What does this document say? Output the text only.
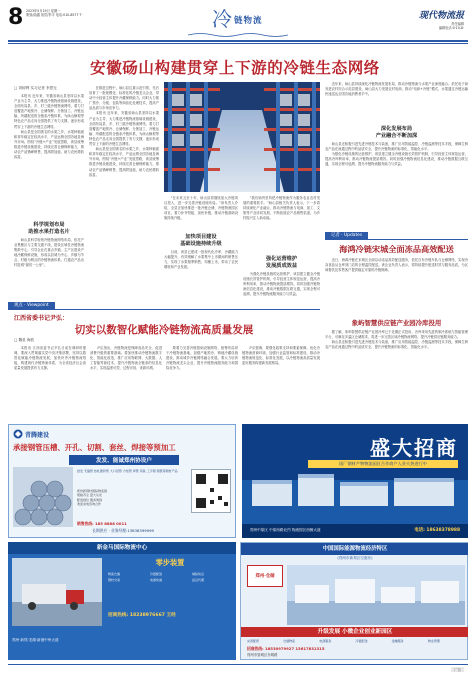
8 2023年5月19日 星期一
策划/曲越 视觉/李平 电话:010-8577·7·	冷 链物流	现代物流报
责任编辑
编辑电话:0·10-8·
安徽砀山构建贯穿上下游的冷链生态网络
□ 刘树利 实习记者 李思无

本报讯 近年来，安徽省砀山县坚持以水果产业为主导，大力推进冷链物流基础设施建设，全面布局县、乡、村三级冷链物流网络，着力打造覆盖产地预冷、仓储保鲜、分拣加工、冷链运输、终端配送的全链条冷链体系，为砀山酥梨等特色农产品走向全国提供了有力支撑，逐步形成贯穿上下游的冷链生态网络。

砀山县是全国著名的水果之乡，水果种植面积常年稳定在较高水平，产品远销全国各地及海外市场。围绕“冷链+产业”发展思路，该县统筹推进冷链设施建设，持续完善仓储保鲜能力，推动农产品错峰销售，提高附加值，助力农民增收致富。

科学规划布局
助推水果打造名片

砀山县科学规划冷链物流网络布局，依托产业集聚区与主要交通干线，建设区域性冷链物流集散中心，引导企业在重点乡镇、主产区建设产地冷藏保鲜设施，形成以县城为中心、乡镇为节点、村级为网点的冷链物流体系，打通农产品出村进城“最初一公里”。

在推进过程中，砀山县注重示范引领，先后培育了一批规模化、标准化的冷链龙头企业，带动中小经营主体提升冷藏保鲜能力。同时大力推广预冷、分级、包装等商品化处理技术，提高产品品质与市场竞争力。

本报讯 近年来，安徽省砀山县坚持以水果产业为主导，大力推进冷链物流基础设施建设，全面布局县、乡、村三级冷链物流网络，着力打造覆盖产地预冷、仓储保鲜、分拣加工、冷链运输、终端配送的全链条冷链体系，为砀山酥梨等特色农产品走向全国提供了有力支撑，逐步形成贯穿上下游的冷链生态网络。

砀山县是全国著名的水果之乡，水果种植面积常年稳定在较高水平，产品远销全国各地及海外市场。围绕“冷链+产业”发展思路，该县统筹推进冷链设施建设，持续完善仓储保鲜能力，推动农产品错峰销售，提高附加值，助力农民增收致富。

“在未来五至十年，砀山县将继续加大冷链项目投入，进一步完善冷链设施布局。”该负责人介绍，全县正加快推进一批冷链仓储、冷链物流园区项目，着力补齐短板、加快补链，推动冷链基础设施持续升级。

加快项目建设
基础设施持续升级

目前，该县已建成一批现代化冷库，冷藏能力大幅提升，有效缓解了水果集中上市期间的销售压力，实现了水果错季销售、均衡上市，带动了农民增收和产业发展。

“我们始终坚持把冷链物流作为服务农业农村发展的重要抓手。”砀山县相关负责人表示，下一步将持续深化产业融合，推动冷链物流与电商、加工、文旅等产业协同发展，不断拓展农产品销售渠道，为乡村振兴注入新动能。

强化运营维护
发展质成效益

为强化冷链设施的运营维护，该县建立健全冷链设施长效管护机制，引导经营主体规范运营，提高冷库利用率，推动冷链物流提质增效。同时加强冷链物流信息化建设，推动冷链数据互联互通，实现全程可追溯，提升冷链物流服务能力与效益。

近年来，砀山县持续深化冷链物流发展布局，推动冷链物流与水果产业深度融合。依托电子商务进农村综合示范县建设，砀山县大力发展农村电商，推动“电商+冷链”模式，水果通过冷链运输快速送达全国各地消费者手中。

深化发展布局
产业融合不断加深

砀山县还积极引进先进冷链技术与装备，推广应用智能温控、冷链监测等技术手段，保障生鲜农产品在流通过程中的品质安全，提升冷链物流的标准化、智能化水平。

为强化冷链设施的运营维护，该县建立健全冷链设施长效管护机制，引导经营主体规范运营，提高冷库利用率，推动冷链物流提质增效。同时加强冷链物流信息化建设，推动冷链数据互联互通，实现全程可追溯，提升冷链物流服务能力与效益。

记者 · Updates
海鸿冷链宋城全面冻品高效配送

近日，海鸿冷链在宋城区全面启动冻品高效配送服务，依托自有冷链车队与仓储网络，实现冷冻食品从仓库到门店的全程温控配送。该企业负责人表示，将持续提升配送时效与服务品质，为区域餐饮及零售客户提供稳定可靠的冷链保障。

象屿智慧供应链产业园冷库投用

据了解，象屿智慧供应链产业园冷库已于近期正式投用，冷库采用先进的制冷系统与智能管理平台，可满足多温区仓储需求，将进一步完善区域冷链物流网络，提升冷链供应链服务能力。

砀山县还积极引进先进冷链技术与装备，推广应用智能温控、冷链监测等技术手段，保障生鲜农产品在流通过程中的品质安全，提升冷链物流的标准化、智能化水平。

观点 · Viewpoint
江西省委书记尹弘：
切实以数智化赋能冷链物流高质量发展
□ 魏星 海波

本报讯 江西省委书记尹弘日前在调研时强调，要深入贯彻落实党中央决策部署，坚持以数智化赋能冷链物流发展，加快补齐冷链物流短板，构建现代冷链物流体系，为全省经济社会高质量发展提供有力支撑。

尹弘指出，冷链物流是保障食品安全、促进消费升级的重要基础。要加快推动冷链物流数字化、智能化改造，推广应用物联网、大数据、人工智能等新技术，提升冷链物流全链条的信息化水平，实现温度可控、过程可视、来源可溯。

要着力完善冷链基础设施网络，统筹布局骨干冷链物流基地，加强产地预冷、销地冷藏设施建设，推动城乡冷链网络融合发展。要大力培育冷链物流龙头企业，提升冷链物流服务能力和国际竞争力。

尹弘强调，要强化政策支持和要素保障，优化冷链物流营商环境，加强行业监管和标准建设，推动冷链物流规范化、标准化发展，以冷链物流高质量发展更好服务构建新发展格局。

青腾建设
承接钢管压槽、开孔、切割、套丝、焊接等预加工
发发、能诚郑州协设户
批发 无缝管 热轧镀锌管 大口径管 方矩管 焊管 铸铁 工字钢 钢管等钢材产品
郑州新钢材国际物流园
规格齐全 量大从优
配送到位 服务周到
欢迎来电咨询合作
长期供应 · 业务经理:13838399999
销售热线: 185 8888 0011
盛大招商
国厂钢材产物物流园区合作商户入驻火热进行中

郑州中原区 中原西路北约 物流园区西侧大道	电话: 18638378988
新金马国际物流中心
零步装置
物流仓储	冷链配送	城际快运
钢材交易	电商快递	货运代理
招商热线: 18238976667 王经
郑州·新郑·龙湖·新港中州大道
中国国际能源物流经济特区
(郑州市新郑区空港东)
郑州·仓储
升级发展 小微企业创业新园区
完善配套	仓储物流	电商服务	冷链配送	金融服务	物业管理
招商热线: 18530979927 15617831315
郑州市管城区东明路
广告
